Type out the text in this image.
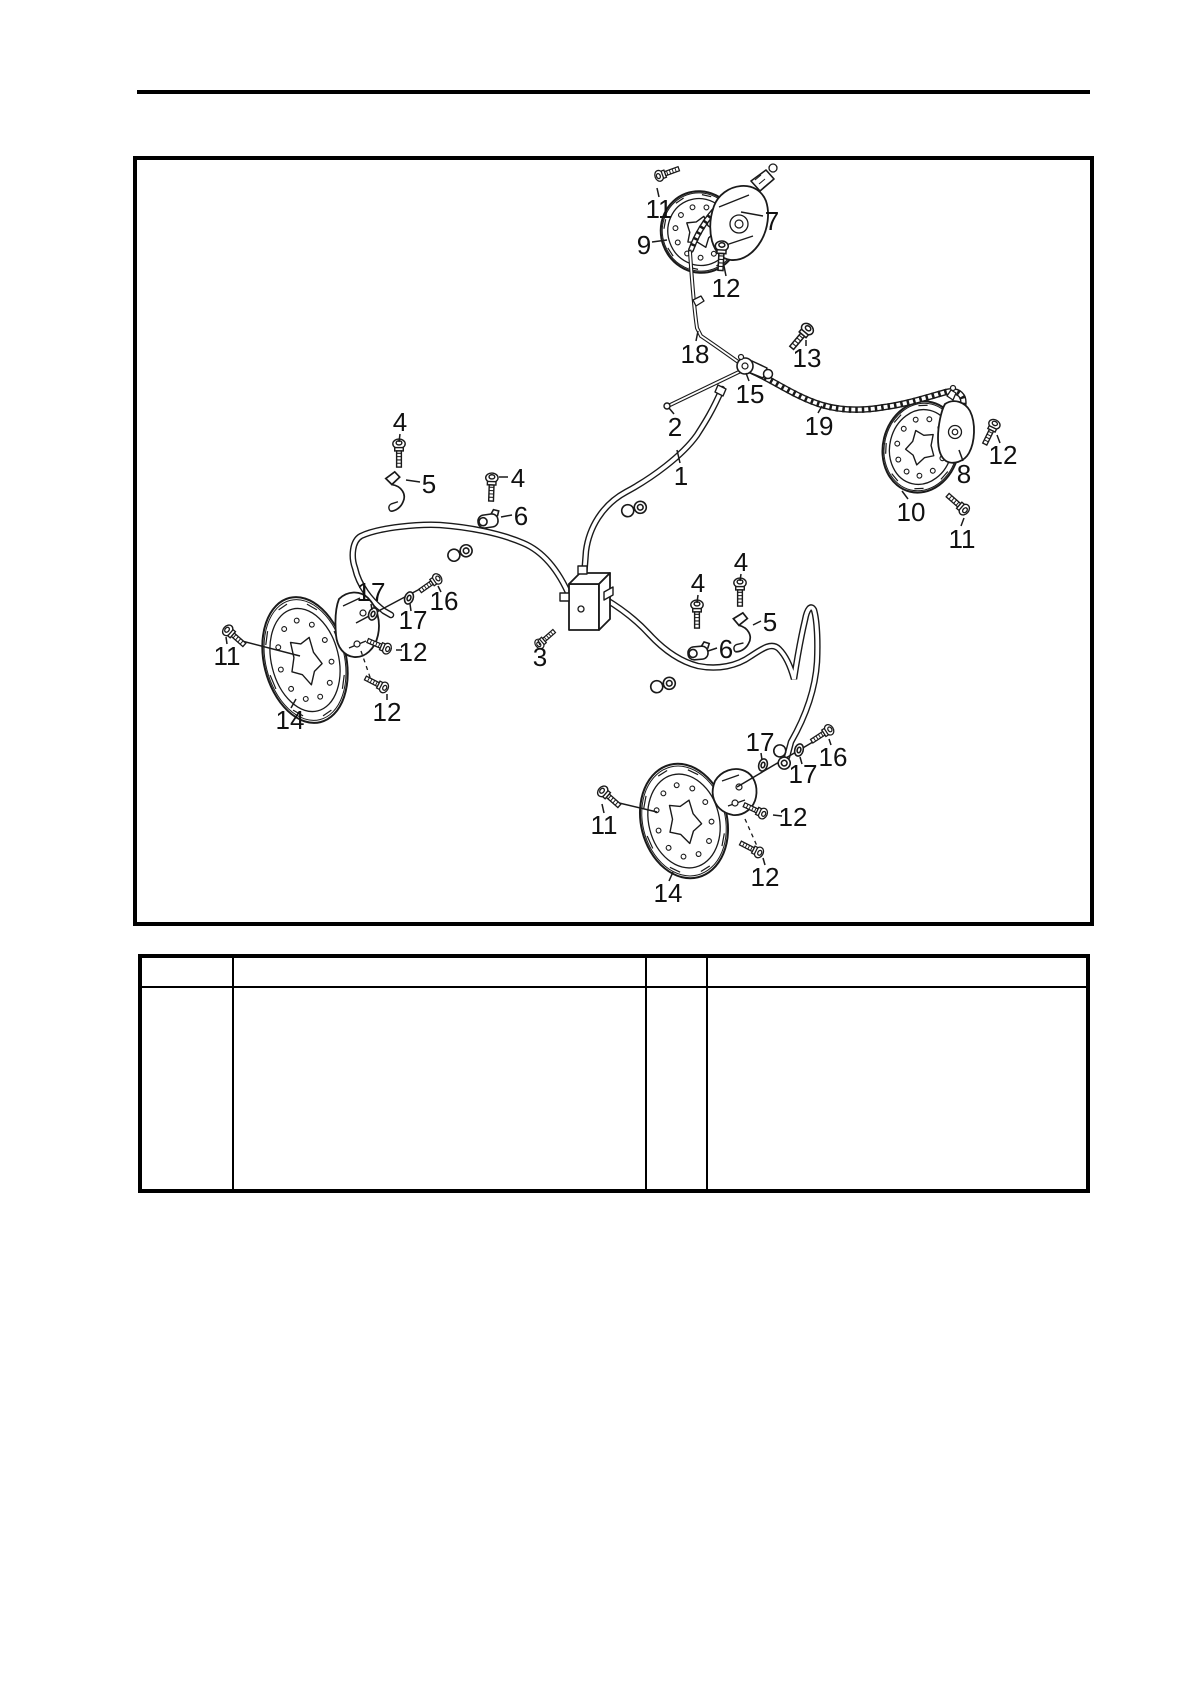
11
9
7
12
18	13
15
2
1
19
8
12
10
11
4
5	4
6
17 16
17
12
11
12
14
3
4
6
4
5
17 16
17
11	12
12
14
